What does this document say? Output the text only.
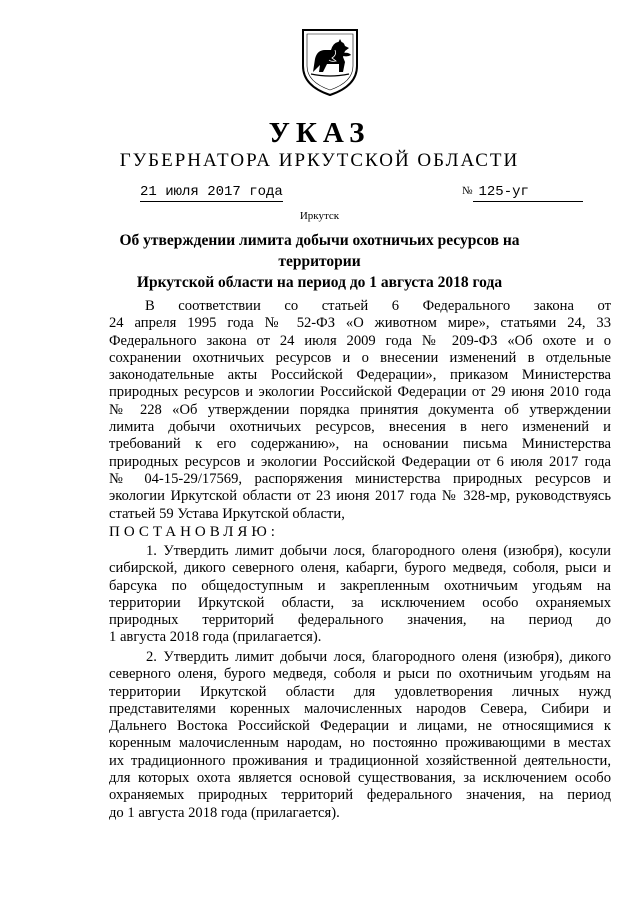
УКАЗ
ГУБЕРНАТОРА ИРКУТСКОЙ ОБЛАСТИ
21 июля 2017 года	№ 125-уг
Иркутск
Об утверждении лимита добычи охотничьих ресурсов на территории
Иркутской области на период до 1 августа 2018 года

В соответствии со статьей 6 Федерального закона от

24 апреля 1995 года № 52-ФЗ «О животном мире», статьями 24, 33

Федерального закона от 24 июля 2009 года № 209-ФЗ «Об охоте и о

сохранении охотничьих ресурсов и о внесении изменений в отдельные

законодательные акты Российской Федерации», приказом Министерства

природных ресурсов и экологии Российской Федерации от 29 июня 2010 года

№ 228 «Об утверждении порядка принятия документа об утверждении

лимита добычи охотничьих ресурсов, внесения в него изменений и

требований к его содержанию», на основании письма Министерства

природных ресурсов и экологии Российской Федерации от 6 июля 2017 года

№ 04-15-29/17569, распоряжения министерства природных ресурсов и

экологии Иркутской области от 23 июня 2017 года № 328-мр, руководствуясь

статьей 59 Устава Иркутской области,

ПОСТАНОВЛЯЮ:

1. Утвердить лимит добычи лося, благородного оленя (изюбря), косули

сибирской, дикого северного оленя, кабарги, бурого медведя, соболя, рыси и

барсука по общедоступным и закрепленным охотничьим угодьям на

территории Иркутской области, за исключением особо охраняемых

природных территорий федерального значения, на период до

1 августа 2018 года (прилагается).

2. Утвердить лимит добычи лося, благородного оленя (изюбря), дикого

северного оленя, бурого медведя, соболя и рыси по охотничьим угодьям на

территории Иркутской области для удовлетворения личных нужд

представителями коренных малочисленных народов Севера, Сибири и

Дальнего Востока Российской Федерации и лицами, не относящимися к

коренным малочисленным народам, но постоянно проживающими в местах

их традиционного проживания и традиционной хозяйственной деятельности,

для которых охота является основой существования, за исключением особо

охраняемых природных территорий федерального значения, на период

до 1 августа 2018 года (прилагается).
